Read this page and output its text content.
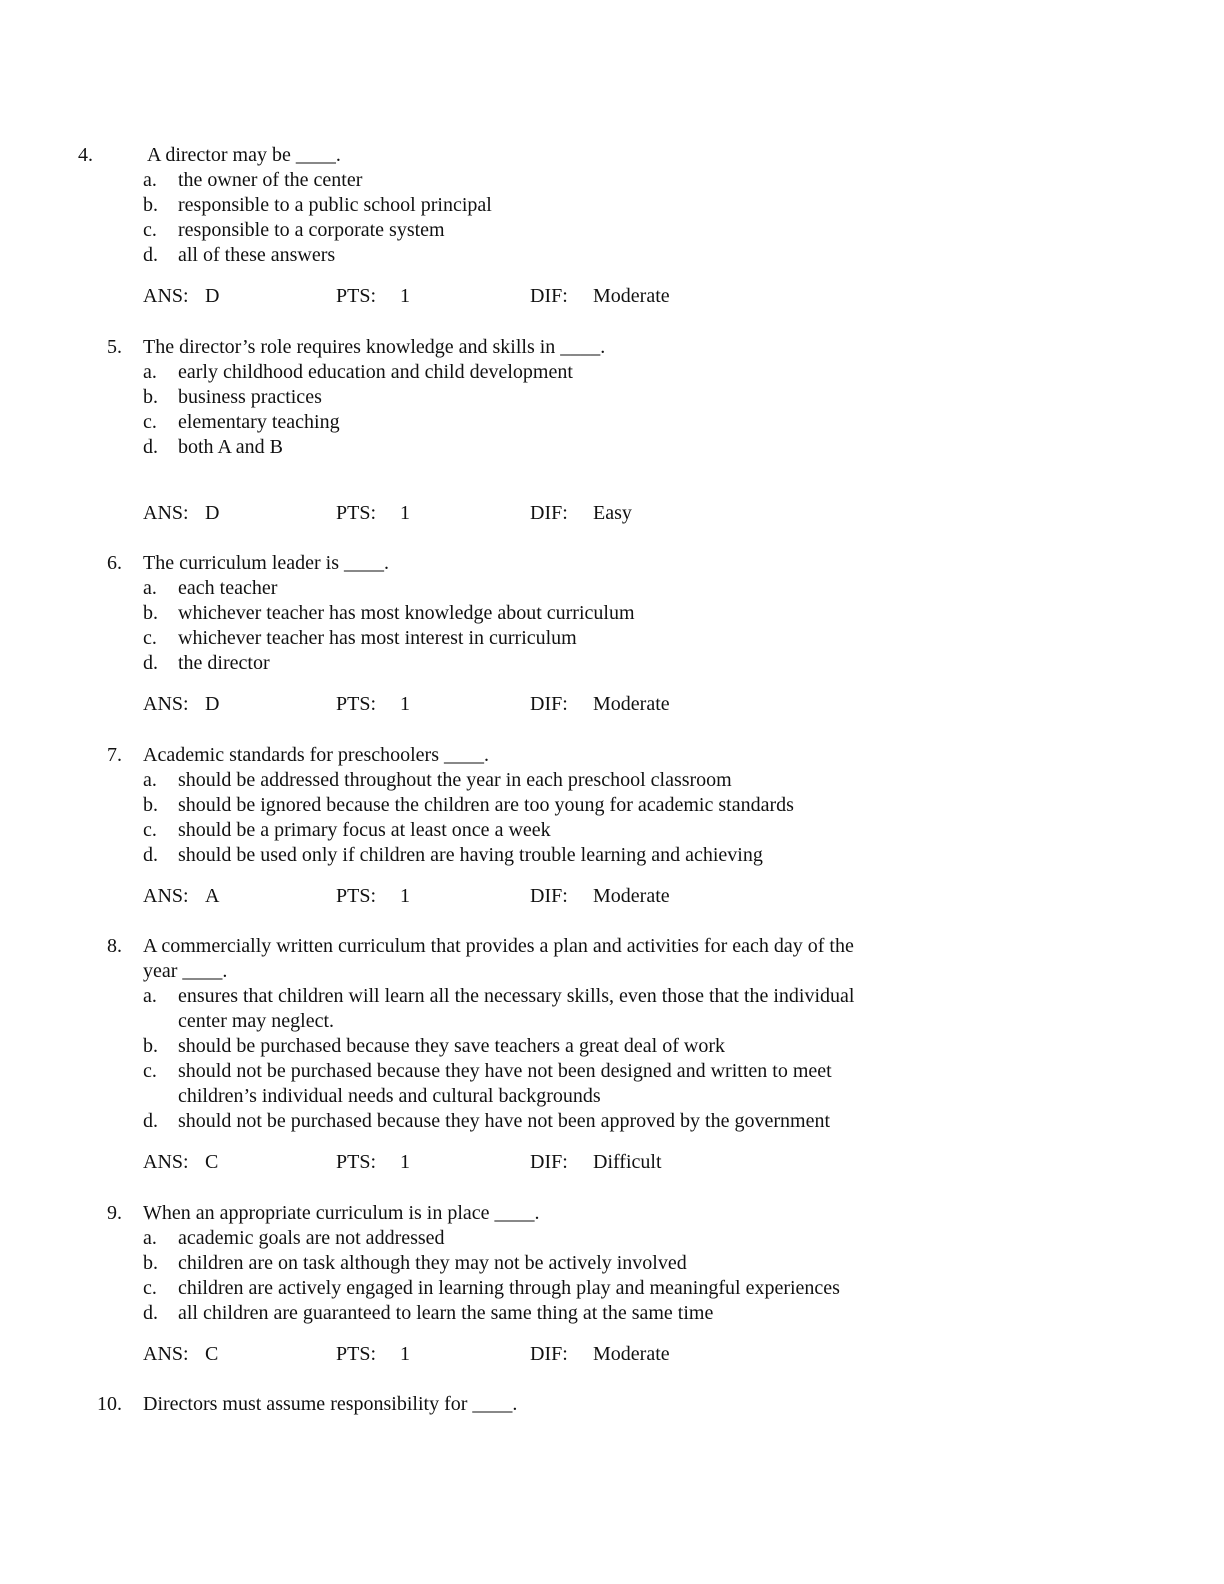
4.	A director may be ____.
a. the owner of the center
b. responsible to a public school principal
c. responsible to a corporate system
d. all of these answers
ANS: D	PTS: 1	DIF: Moderate
5. The director’s role requires knowledge and skills in ____.
a. early childhood education and child development
b. business practices
c. elementary teaching
d. both A and B
ANS: D	PTS: 1	DIF: Easy
6. The curriculum leader is ____.
a. each teacher
b. whichever teacher has most knowledge about curriculum
c. whichever teacher has most interest in curriculum
d. the director
ANS: D	PTS: 1	DIF: Moderate
7. Academic standards for preschoolers ____.
a. should be addressed throughout the year in each preschool classroom
b. should be ignored because the children are too young for academic standards
c. should be a primary focus at least once a week
d. should be used only if children are having trouble learning and achieving
ANS: A	PTS: 1	DIF: Moderate
8. A commercially written curriculum that provides a plan and activities for each day of the
year ____.
a. ensures that children will learn all the necessary skills, even those that the individual
center may neglect.
b. should be purchased because they save teachers a great deal of work
c. should not be purchased because they have not been designed and written to meet
children’s individual needs and cultural backgrounds
d. should not be purchased because they have not been approved by the government
ANS: C	PTS: 1	DIF: Difficult
9. When an appropriate curriculum is in place ____.
a. academic goals are not addressed
b. children are on task although they may not be actively involved
c. children are actively engaged in learning through play and meaningful experiences
d. all children are guaranteed to learn the same thing at the same time
ANS: C	PTS: 1	DIF: Moderate
10. Directors must assume responsibility for ____.
